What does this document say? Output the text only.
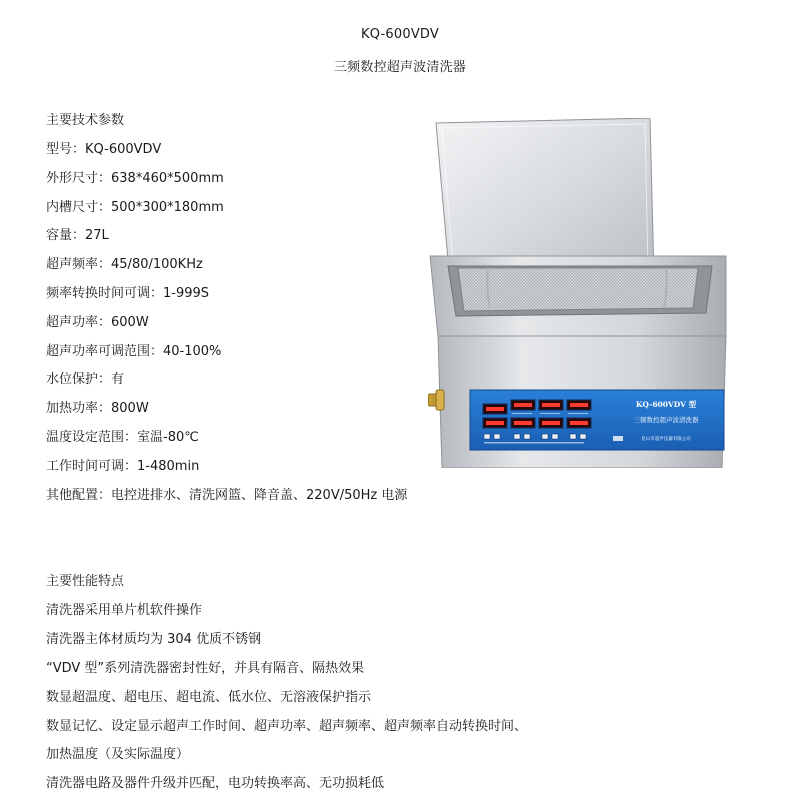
KQ-600VDV
三频数控超声波清洗器
主要技术参数
型号：KQ-600VDV
外形尺寸：638*460*500mm
内槽尺寸：500*300*180mm
容量：27L
超声频率：45/80/100KHz
频率转换时间可调：1-999S
超声功率：600W
超声功率可调范围：40-100%
水位保护：有
加热功率：800W
温度设定范围：室温-80℃
工作时间可调：1-480min
其他配置：电控进排水、清洗网篮、降音盖、220V/50Hz 电源
主要性能特点
清洗器采用单片机软件操作
清洗器主体材质均为 304 优质不锈钢
“VDV 型”系列清洗器密封性好，并具有隔音、隔热效果
数显超温度、超电压、超电流、低水位、无溶液保护指示
数显记忆、设定显示超声工作时间、超声功率、超声频率、超声频率自动转换时间、
加热温度（及实际温度）
清洗器电路及器件升级并匹配，电功转换率高、无功损耗低
KQ-600VDV 型
三频数控超声波清洗器
昆山市超声仪器有限公司
